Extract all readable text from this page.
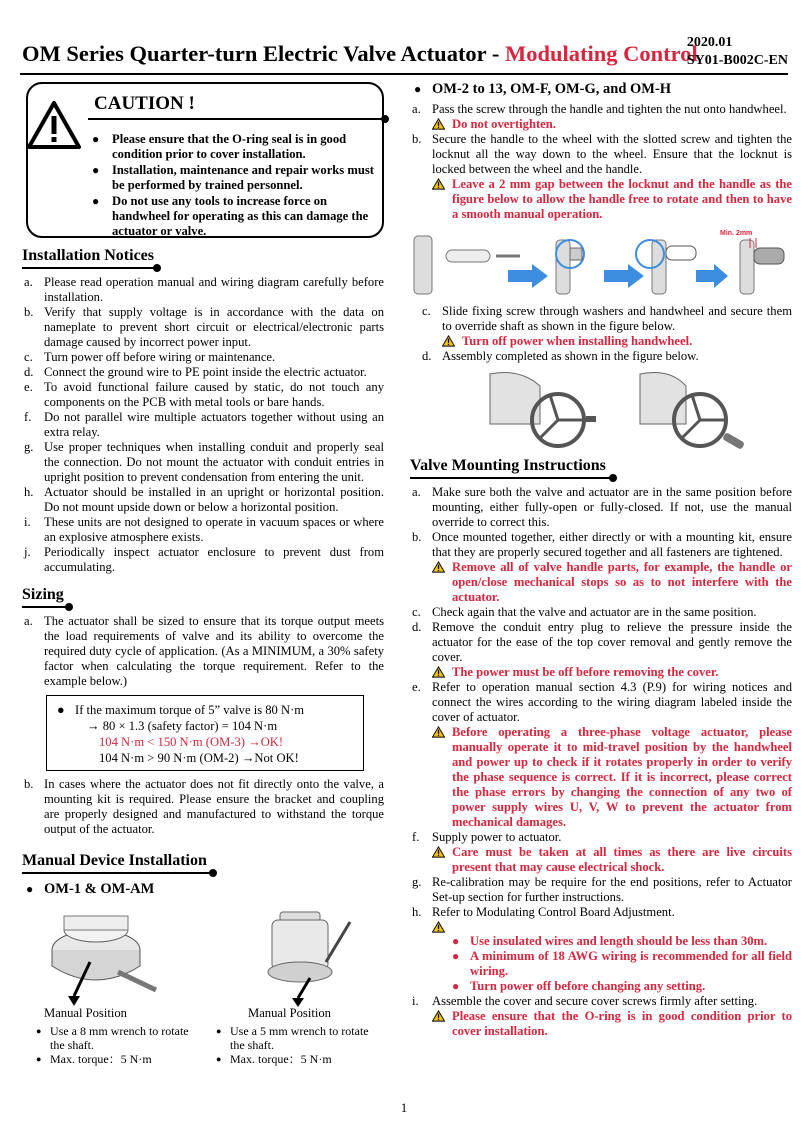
OM Series Quarter-turn Electric Valve Actuator - Modulating Control
2020.01
SY01-B002C-EN
CAUTION !
● Please ensure that the O-ring seal is in good condition prior to cover installation.
● Installation, maintenance and repair works must be performed by trained personnel.
● Do not use any tools to increase force on handwheel for operating as this can damage the actuator or valve.
Installation Notices
a. Please read operation manual and wiring diagram carefully before installation.
b. Verify that supply voltage is in accordance with the data on nameplate to prevent short circuit or electrical/electronic parts damage caused by incorrect power input.
c. Turn power off before wiring or maintenance.
d. Connect the ground wire to PE point inside the electric actuator.
e. To avoid functional failure caused by static, do not touch any components on the PCB with metal tools or bare hands.
f. Do not parallel wire multiple actuators together without using an extra relay.
g. Use proper techniques when installing conduit and properly seal the connection. Do not mount the actuator with conduit entries in upright position to prevent condensation from entering the unit.
h. Actuator should be installed in an upright or horizontal position. Do not mount upside down or below a horizontal position.
i. These units are not designed to operate in vacuum spaces or where an explosive atmosphere exists.
j. Periodically inspect actuator enclosure to prevent dust from accumulating.
Sizing
a. The actuator shall be sized to ensure that its torque output meets the load requirements of valve and its ability to overcome the required duty cycle of application. (As a MINIMUM, a 30% safety factor when calculating the torque requirement. Refer to the example below.)
● If the maximum torque of 5” valve is 80 N·m
→ 80 × 1.3 (safety factor) = 104 N·m
104 N·m < 150 N·m (OM-3) →OK!
104 N·m > 90 N·m (OM-2) →Not OK!
b. In cases where the actuator does not fit directly onto the valve, a mounting kit is required. Please ensure the bracket and coupling are properly designed and manufactured to withstand the torque output of the actuator.
Manual Device Installation
● OM-1 & OM-AM
Manual Position	Manual Position
● Use a 8 mm wrench to rotate the shaft.
● Max. torque：5 N·m
● Use a 5 mm wrench to rotate the shaft.
● Max. torque：5 N·m
● OM-2 to 13, OM-F, OM-G, and OM-H
a. Pass the screw through the handle and tighten the nut onto handwheel.
Do not overtighten.
b. Secure the handle to the wheel with the slotted screw and tighten the locknut all the way down to the wheel. Ensure that the locknut is locked between the wheel and the handle.
Leave a 2 mm gap between the locknut and the handle as the figure below to allow the handle free to rotate and then to have a smooth manual operation.
Min. 2mm
c. Slide fixing screw through washers and handwheel and secure them to override shaft as shown in the figure below.
Turn off power when installing handwheel.
d. Assembly completed as shown in the figure below.
Valve Mounting Instructions
a. Make sure both the valve and actuator are in the same position before mounting, either fully-open or fully-closed. If not, use the manual override to correct this.
b. Once mounted together, either directly or with a mounting kit, ensure that they are properly secured together and all fasteners are tightened.
Remove all of valve handle parts, for example, the handle or open/close mechanical stops so as to not interfere with the actuator.
c. Check again that the valve and actuator are in the same position.
d. Remove the conduit entry plug to relieve the pressure inside the actuator for the ease of the top cover removal and gently remove the cover.
The power must be off before removing the cover.
e. Refer to operation manual section 4.3 (P.9) for wiring notices and connect the wires according to the wiring diagram labeled inside the cover of actuator.
Before operating a three-phase voltage actuator, please manually operate it to mid-travel position by the handwheel and power up to check if it rotates properly in order to verify the phase sequence is correct. If it is incorrect, please correct the phase errors by changing the connection of any two of power supply wires U, V, W to prevent the actuator from mechanical damages.
f. Supply power to actuator.
Care must be taken at all times as there are live circuits present that may cause electrical shock.
g. Re-calibration may be require for the end positions, refer to Actuator Set-up section for further instructions.
h. Refer to Modulating Control Board Adjustment.
● Use insulated wires and length should be less than 30m.
● A minimum of 18 AWG wiring is recommended for all field wiring.
● Turn power off before changing any setting.
i. Assemble the cover and secure cover screws firmly after setting.
Please ensure that the O-ring is in good condition prior to cover installation.
1
